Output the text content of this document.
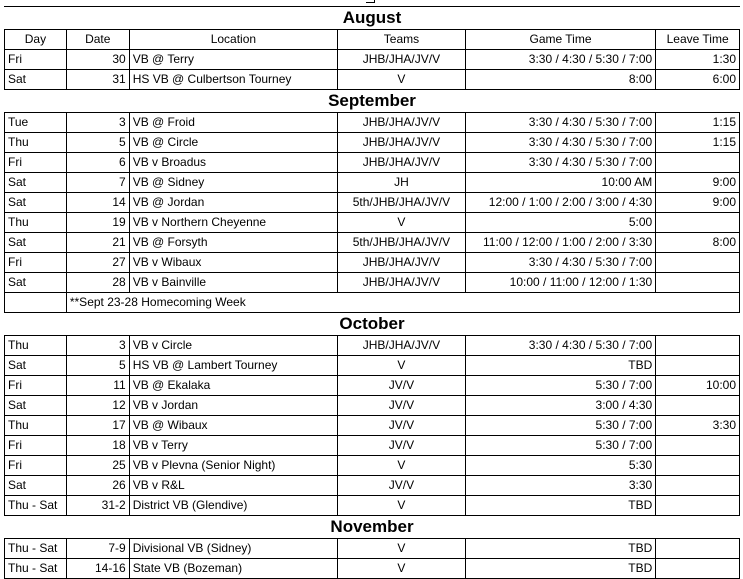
August
Day	Date	Location	Teams	Game Time	Leave Time
Fri	30 VB @ Terry	JHB/JHA/JV/V	3:30 / 4:30 / 5:30 / 7:00	1:30
Sat	31 HS VB @ Culbertson Tourney	V	8:00	6:00
September
Tue	3 VB @ Froid	JHB/JHA/JV/V	3:30 / 4:30 / 5:30 / 7:00	1:15
Thu	5 VB @ Circle	JHB/JHA/JV/V	3:30 / 4:30 / 5:30 / 7:00	1:15
Fri	6 VB v Broadus	JHB/JHA/JV/V	3:30 / 4:30 / 5:30 / 7:00
Sat	7 VB @ Sidney	JH	10:00 AM	9:00
Sat	14 VB @ Jordan	5th/JHB/JHA/JV/V	12:00 / 1:00 / 2:00 / 3:00 / 4:30	9:00
Thu	19 VB v Northern Cheyenne	V	5:00
Sat	21 VB @ Forsyth	5th/JHB/JHA/JV/V	11:00 / 12:00 / 1:00 / 2:00 / 3:30	8:00
Fri	27 VB v Wibaux	JHB/JHA/JV/V	3:30 / 4:30 / 5:30 / 7:00
Sat	28 VB v Bainville	JHB/JHA/JV/V	10:00 / 11:00 / 12:00 / 1:30
**Sept 23-28 Homecoming Week
October
Thu	3 VB v Circle	JHB/JHA/JV/V	3:30 / 4:30 / 5:30 / 7:00
Sat	5 HS VB @ Lambert Tourney	V	TBD
Fri	11 VB @ Ekalaka	JV/V	5:30 / 7:00	10:00
Sat	12 VB v Jordan	JV/V	3:00 / 4:30
Thu	17 VB @ Wibaux	JV/V	5:30 / 7:00	3:30
Fri	18 VB v Terry	JV/V	5:30 / 7:00
Fri	25 VB v Plevna (Senior Night)	V	5:30
Sat	26 VB v R&L	JV/V	3:30
Thu - Sat	31-2 District VB (Glendive)	V	TBD
November
Thu - Sat	7-9 Divisional VB (Sidney)	V	TBD
Thu - Sat	14-16 State VB (Bozeman)	V	TBD
